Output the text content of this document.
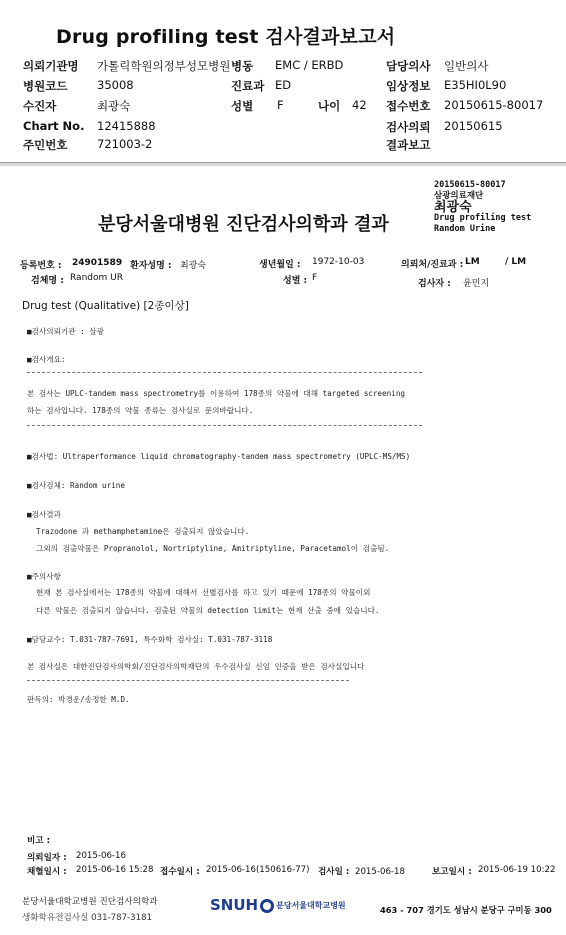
Drug profiling test 검사결과보고서
의뢰기관명 가톨릭학원의정부성모병원 병동 EMC / ERBD	담당의사 일반의사
병원코드	35008	진료과 ED	임상정보 E35HI0L90
수진자	최광숙	성별 F	나이 42 접수번호 20150615-80017
Chart No. 12415888	검사의뢰 20150615
주민번호	721003-2	결과보고
20150615-80017
삼광의료재단
최광숙
Drug profiling test
Random Urine
분당서울대병원 진단검사의학과 결과
등록번호 : 24901589 환자성명 : 최광숙	생년월일 : 1972-10-03	의뢰처/진료과 : LM	/ LM
검체명 : Random UR	성별 : F
검사자 : 윤민지
Drug test (Qualitative) [2종이상]
■검사의뢰기관 : 삼광
■검사개요:
본 검사는 UPLC-tandem mass spectrometry를 이용하여 178종의 약물에 대해 targeted screening
하는 검사입니다. 178종의 약물 종류는 검사실로 문의바랍니다.
■검사법: Ultraperformance liquid chromatography-tandem mass spectrometry (UPLC-MS/MS)
■검사검체: Random urine
■검사결과
Trazodone 과 methamphetamine은 검출되지 않았습니다.
그외의 검출약물은 Propranolol, Nortriptyline, Amitriptyline, Paracetamol이 검출됨.
■주의사항
현재 본 검사실에서는 178종의 약물에 대해서 선별검사를 하고 있기 때문에 178종의 약물이외
다른 약물은 검출되지 않습니다. 검출된 약물의 detection limit는 현재 산출 중에 있습니다.
■담당교수: T.031-787-7691, 특수화학 검사실: T.031-787-3118
본 검사실은 대한진단검사의학회/진단검사의학재단의 우수검사실 신임 인증을 받은 검사실입니다
판독의: 박경운/송정한 M.D.
비고 :
의뢰일자 : 2015-06-16
채혈일시 : 2015-06-16 15:28 접수일시 : 2015-06-16(150616-77) 검사일 : 2015-06-18	보고일시 : 2015-06-19 10:22
분당서울대학교병원 진단검사의학과
생화학유전검사실 031-787-3181
SNUH 분당서울대학교병원	463 - 707 경기도 성남시 분당구 구미동 300
